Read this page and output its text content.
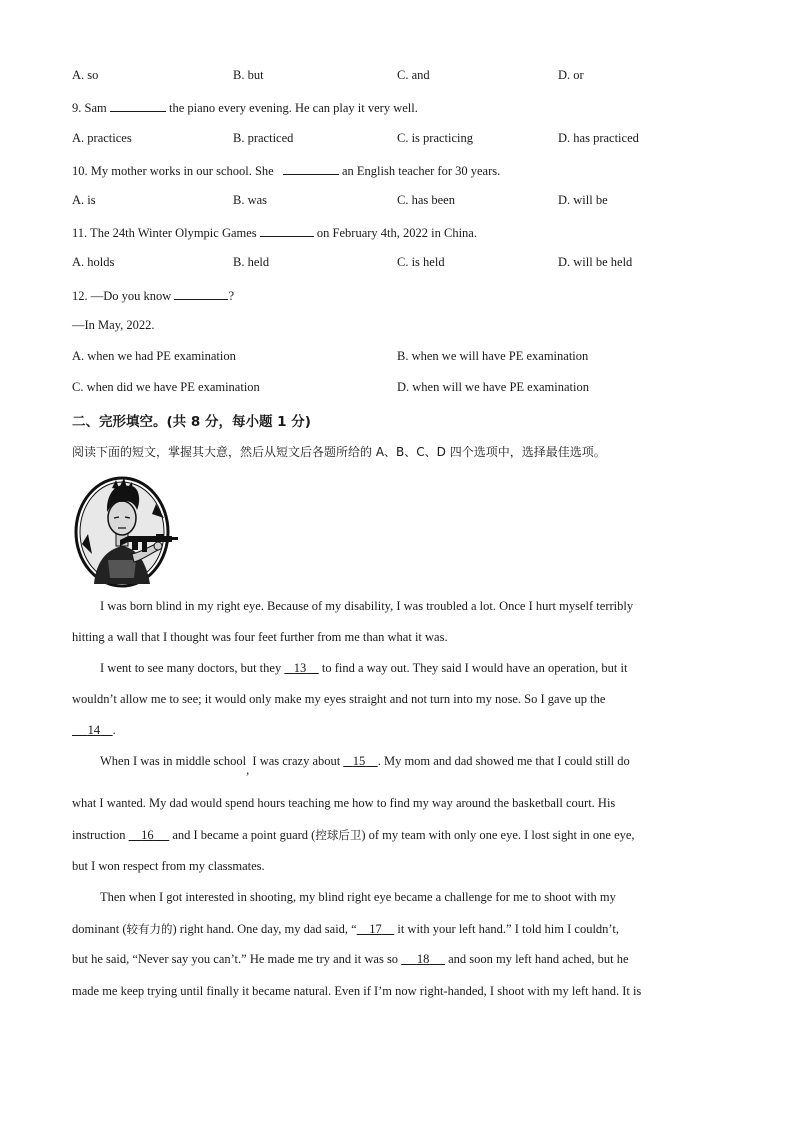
A. so	B. but	C. and	D. or
9. Sam	the piano every evening. He can play it very well.
A. practices	B. practiced	C. is practicing	D. has practiced
10. My mother works in our school. She	an English teacher for 30 years.
A. is	B. was	C. has been	D. will be
11. The 24th Winter Olympic Games	on February 4th, 2022 in China.
A. holds	B. held	C. is held	D. will be held
12. —Do you know	?
—In May, 2022.
A. when we had PE examination	B. when we will have PE examination
C. when did we have PE examination	D. when will we have PE examination
二、完形填空。(共 8 分，每小题 1 分)
阅读下面的短文，掌握其大意，然后从短文后各题所给的 A、B、C、D 四个选项中，选择最佳选项。
I was born blind in my right eye. Because of my disability, I was troubled a lot. Once I hurt myself terribly
hitting a wall that I thought was four feet further from me than what it was.
I went to see many doctors, but they    13     to find a way out. They said I would have an operation, but it
wouldn’t allow me to see; it would only make my eyes straight and not turn into my nose. So I gave up the
14 .
When I was in middle school, I was crazy about    15 . My mom and dad showed me that I could still do
what I wanted. My dad would spend hours teaching me how to find my way around the basketball court. His
instruction     16      and I became a point guard (控球后卫) of my team with only one eye. I lost sight in one eye,
but I won respect from my classmates.
Then when I got interested in shooting, my blind right eye became a challenge for me to shoot with my
dominant (较有力的) right hand. One day, my dad said, “ 17     it with your left hand.” I told him I couldn’t,
but he said, “Never say you can’t.” He made me try and it was so      18      and soon my left hand ached, but he
made me keep trying until finally it became natural. Even if I’m now right-handed, I shoot with my left hand. It is
